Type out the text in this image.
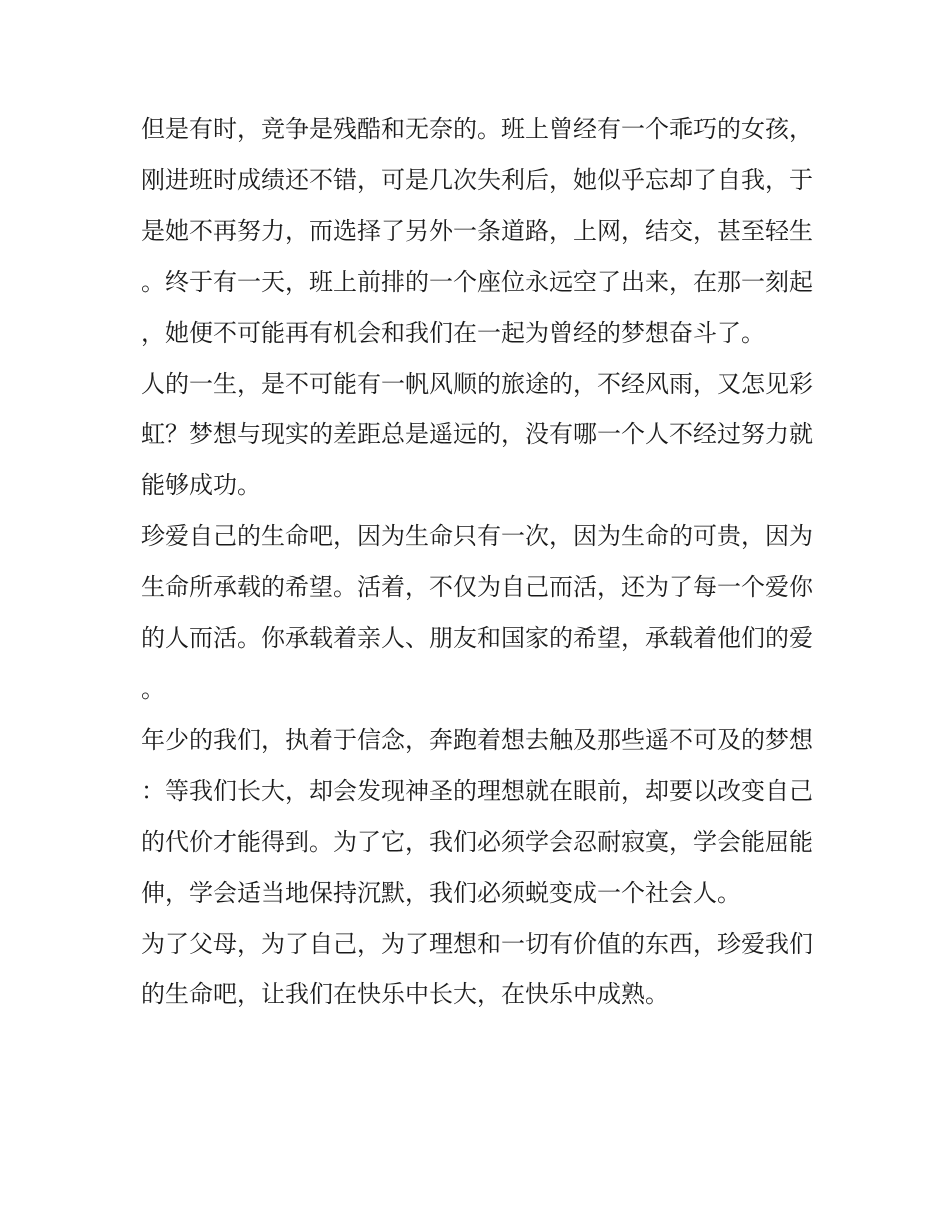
但是有时，竞争是残酷和无奈的。班上曾经有一个乖巧的女孩，刚进班时成绩还不错，可是几次失利后，她似乎忘却了自我，于是她不再努力，而选择了另外一条道路，上网，结交，甚至轻生。终于有一天，班上前排的一个座位永远空了出来，在那一刻起，她便不可能再有机会和我们在一起为曾经的梦想奋斗了。

人的一生，是不可能有一帆风顺的旅途的，不经风雨，又怎见彩虹？梦想与现实的差距总是遥远的，没有哪一个人不经过努力就能够成功。

珍爱自己的生命吧，因为生命只有一次，因为生命的可贵，因为生命所承载的希望。活着，不仅为自己而活，还为了每一个爱你的人而活。你承载着亲人、朋友和国家的希望，承载着他们的爱。

年少的我们，执着于信念，奔跑着想去触及那些遥不可及的梦想：等我们长大，却会发现神圣的理想就在眼前，却要以改变自己的代价才能得到。为了它，我们必须学会忍耐寂寞，学会能屈能伸，学会适当地保持沉默，我们必须蜕变成一个社会人。

为了父母，为了自己，为了理想和一切有价值的东西，珍爱我们的生命吧，让我们在快乐中长大，在快乐中成熟。
